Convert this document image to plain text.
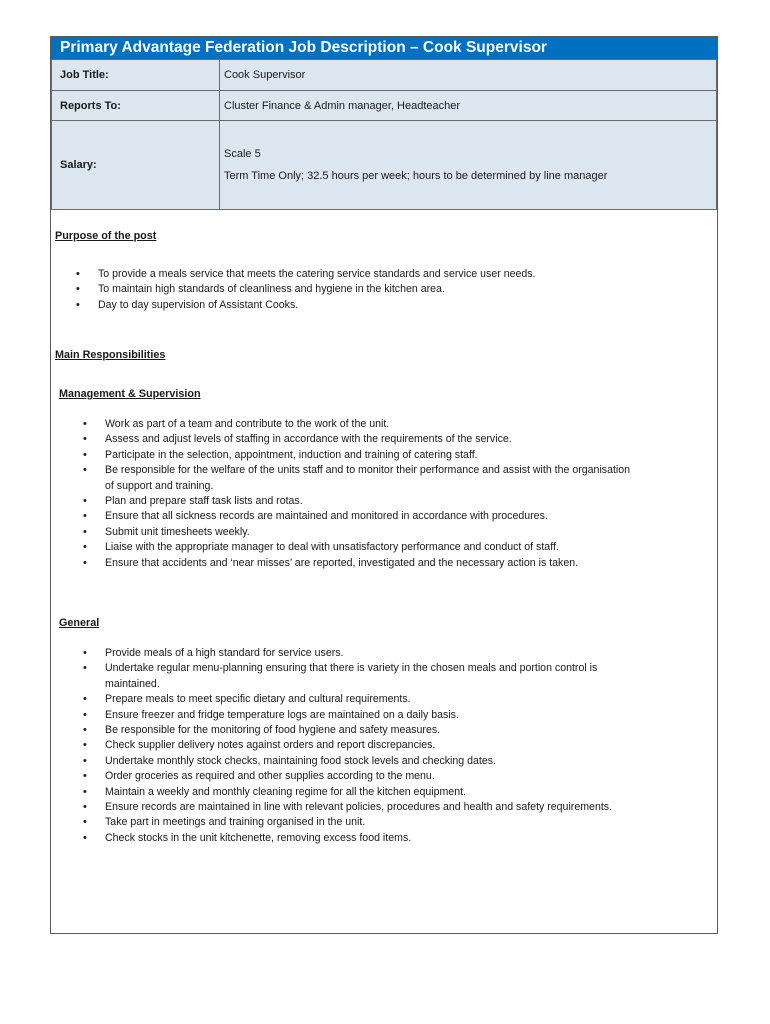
Primary Advantage Federation Job Description – Cook Supervisor
Job Title:	Cook Supervisor
Reports To:	Cluster Finance & Admin manager, Headteacher
Salary:	Scale 5
Term Time Only; 32.5 hours per week; hours to be determined by line manager
Purpose of the post
• To provide a meals service that meets the catering service standards and service user needs.
• To maintain high standards of cleanliness and hygiene in the kitchen area.
• Day to day supervision of Assistant Cooks.
Main Responsibilities
Management & Supervision
• Work as part of a team and contribute to the work of the unit.
• Assess and adjust levels of staffing in accordance with the requirements of the service.
• Participate in the selection, appointment, induction and training of catering staff.
• Be responsible for the welfare of the units staff and to monitor their performance and assist with the organisation of support and training.
• Plan and prepare staff task lists and rotas.
• Ensure that all sickness records are maintained and monitored in accordance with procedures.
• Submit unit timesheets weekly.
• Liaise with the appropriate manager to deal with unsatisfactory performance and conduct of staff.
• Ensure that accidents and ‘near misses’ are reported, investigated and the necessary action is taken.
General
• Provide meals of a high standard for service users.
• Undertake regular menu-planning ensuring that there is variety in the chosen meals and portion control is maintained.
• Prepare meals to meet specific dietary and cultural requirements.
• Ensure freezer and fridge temperature logs are maintained on a daily basis.
• Be responsible for the monitoring of food hygiene and safety measures.
• Check supplier delivery notes against orders and report discrepancies.
• Undertake monthly stock checks, maintaining food stock levels and checking dates.
• Order groceries as required and other supplies according to the menu.
• Maintain a weekly and monthly cleaning regime for all the kitchen equipment.
• Ensure records are maintained in line with relevant policies, procedures and health and safety requirements.
• Take part in meetings and training organised in the unit.
• Check stocks in the unit kitchenette, removing excess food items.
